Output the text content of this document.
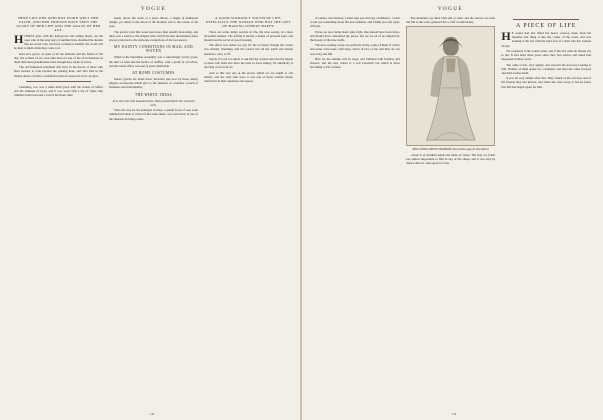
VOGUE

HERE LIES ONE WHO HAS WORN WELL HER FAITH, AND HER FRIENDS HAVE SEEN THE GLORY OF HER LIFE AND THE GRACE OF HER AGE.

HONEST girls, with the half-grown and aching hearts, are the ones who in the long days of summer have dreamed the dreams that are never told, and have wondered whether the world will be kind to them when they come to it.

Real love grows, in spite of all the fashions and the follies of the day; the women of our own time have no less of the old tenderness in them than their grandmothers had, though they speak of it less.

The old-fashioned sentiment still lives in the hearts of those who have learned to look beyond the passing hour, and who find in the simple duties of home a satisfaction that no season in town can give.

Charming, too, was a white mull gown with the widest of ruffles and the daintiest of laces, and it was worn with a hat of white chip trimmed with roses and a veil of the finest tulle.

nearly above the waist of a spare ribbon, a tangle of deliberate design, yet suited to the mood of the moment and to the colour of the eyes.

The gowns worn this week were more than usually interesting, and there was a return to the simpler lines which the best dressmakers have always preferred to the elaborate confections of the last season.

MY DAINTY CONDITIONS IN MAIL AND WOVEN

When at the December Assembly was a surprisingly lovely gown, the skirt of satin and the bodice of chiffon, with a girdle of old silver, and the whole effect was one of great distinction.

AT HOME COSTUMES

Indoor gowns are made more attractive just now by those dainty lingerie accessories which give to the simplest of costumes a touch of freshness and individuality.

THE WHITE TRESS

If on the trail with mounted sails, When proud before the wind she calls.

That soft rose for the principal of these, a quaint frock of rose voile trimmed in bands of velvet of the same shade, was seen lately in one of the smartest drawing rooms.

A GOOD-WOMANLY TOUCH OF LIFE, ESPECIALLY THE WOMAN WHO HAS THE GIFT OF MAKING OTHERS HAPPY.

There are some dainty touches in life, the wise seeing, in a most incredible manner. The feeling is merely a matter of personal taste, and therein lies the secret of good dressing.

The effect was rather too gay for the occasion, though the colour was entirely charming, and the wearer had all the youth and beauty needed to carry it off.

Surely it is not too much to ask that the woman who has the means to dress well shall also have the taste to dress simply, for simplicity is the final word in all art.

And so this was one of the gowns which we are taught to call artistic, and the lady who wore it was one of those women whose charm lies in their quietness and repose.

VOGUE

of silence and married, I shall take you into my confidence. I want to tell you something about the new fashions, and I think you will agree with me.

Prices are now being made quite right. One should have been wiser, and should have considered the prices, but we are all of us tempted by the beauty of the new stuffs.

The new evening wraps are perfectly lovely, some of them of velvet and some of brocade, with deep collars of lace or fur, and they are cut very long and full.

Hats for the autumn will be large, and trimmed with feathers and flowers, and the new colour is a soft brownish red which is most becoming to fair women.

The shoulders are lined with silk or satin, and the sleeves are wide and full at the wrist, gathered into a cuff of embroidery.

MISS LOWELL REEVES HAMMOND (See another page for description)

colour is of medium depth and made of violet. The lady we found was almost impossible to find in any of the shops, and it was only by chance that we came upon it at last.

A PIECE OF LIFE

H E sound had just lifted his heavy overtop mask from his shoulder and flung it into the corner of the room, and was looking at the fire with the tired face of a man who has worked all day.

He wondered if she would come, and if she did, what he should say to her. It had been three years since they had parted, and much had happened in those years.

She came at last, very quietly, and stood in the doorway looking at him. Neither of them spoke for a moment, and then she came forward and held out her hand.

It was all very simple after that. They talked of the old days and of the friends they had known, and when she went away at last he knew that life had begun again for him.

18	19
